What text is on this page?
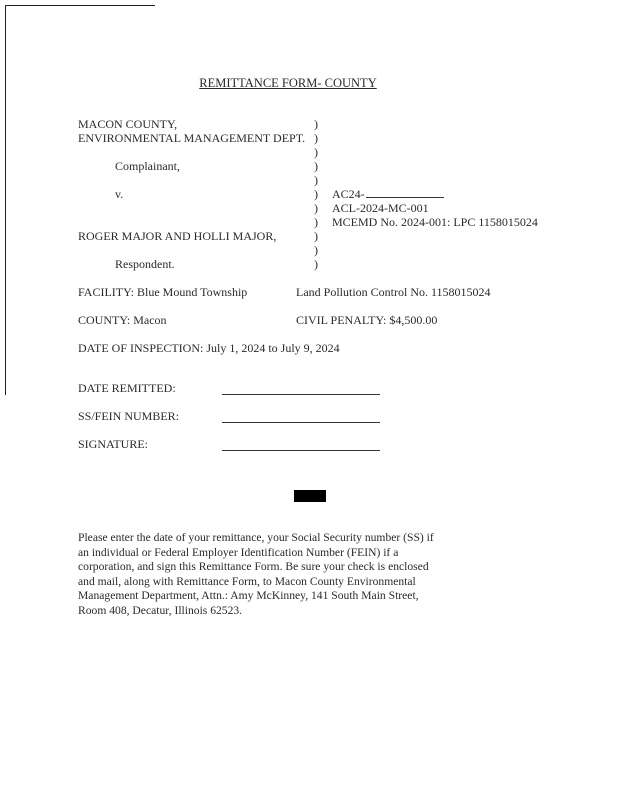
REMITTANCE FORM- COUNTY
MACON COUNTY,
ENVIRONMENTAL MANAGEMENT DEPT.
Complainant,
v.
ROGER MAJOR AND HOLLI MAJOR,
Respondent.
)
)
)
)
)
)
)
)
)
)
)
AC24-
ACL-2024-MC-001
MCEMD No. 2024-001: LPC 1158015024
FACILITY: Blue Mound Township	Land Pollution Control No. 1158015024
COUNTY: Macon	CIVIL PENALTY: $4,500.00
DATE OF INSPECTION: July 1, 2024 to July 9, 2024
DATE REMITTED:
SS/FEIN NUMBER:
SIGNATURE:
Please enter the date of your remittance, your Social Security number (SS) if
an individual or Federal Employer Identification Number (FEIN) if a
corporation, and sign this Remittance Form. Be sure your check is enclosed
and mail, along with Remittance Form, to Macon County Environmental
Management Department, Attn.: Amy McKinney, 141 South Main Street,
Room 408, Decatur, Illinois 62523.
